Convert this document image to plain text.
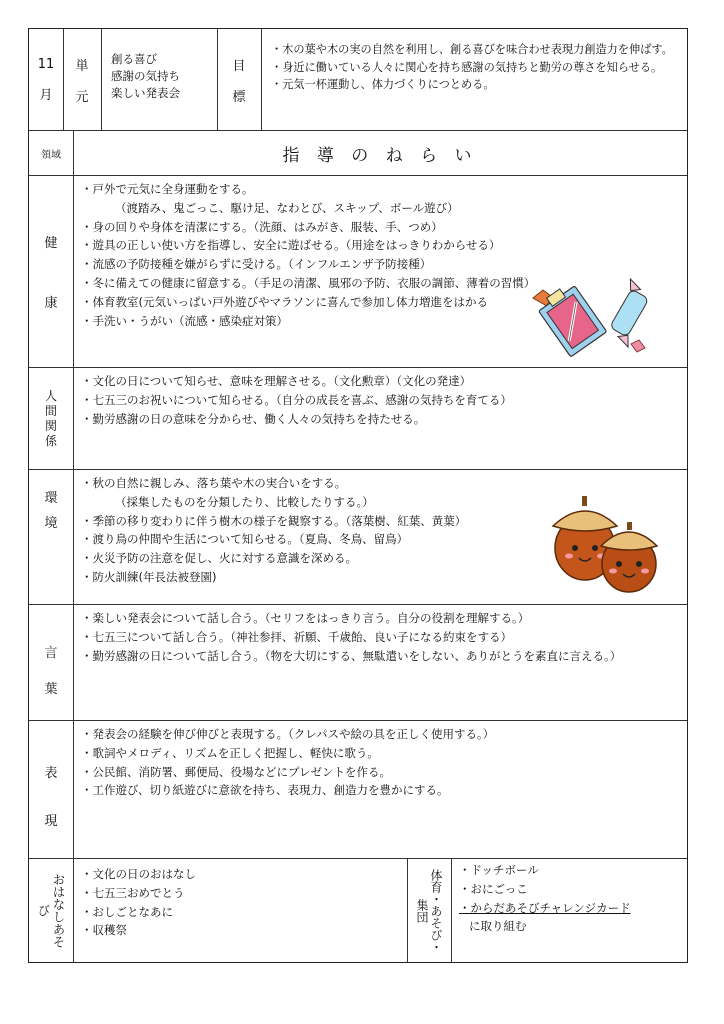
11
月
単
元
創る喜び
感謝の気持ち
楽しい発表会
目
標
・木の葉や木の実の自然を利用し、創る喜びを味合わせ表現力創造力を伸ばす。
・身近に働いている人々に関心を持ち感謝の気持ちと勤労の尊さを知らせる。
・元気一杯運動し、体力づくりにつとめる。
領域	指 導 の ね ら い
健
康
・戸外で元気に全身運動をする。
（渡踏み、鬼ごっこ、駆け足、なわとび、スキップ、ボール遊び）
・身の回りや身体を清潔にする。（洗顔、はみがき、服装、手、つめ）
・遊具の正しい使い方を指導し、安全に遊ばせる。（用途をはっきりわからせる）
・流感の予防接種を嫌がらずに受ける。（インフルエンザ予防接種）
・冬に備えての健康に留意する。（手足の清潔、風邪の予防、衣服の調節、薄着の習慣）
・体育教室(元気いっぱい戸外遊びやマラソンに喜んで参加し体力増進をはかる
・手洗い・うがい（流感・感染症対策）
人
間
関
係
・文化の日について知らせ、意味を理解させる。（文化勲章）（文化の発達）
・七五三のお祝いについて知らせる。（自分の成長を喜ぶ、感謝の気持ちを育てる）
・勤労感謝の日の意味を分からせ、働く人々の気持ちを持たせる。
環
境
・秋の自然に親しみ、落ち葉や木の実合いをする。
（採集したものを分類したり、比較したりする。）
・季節の移り変わりに伴う樹木の様子を観察する。（落葉樹、紅葉、黄葉）
・渡り鳥の仲間や生活について知らせる。（夏鳥、冬鳥、留鳥）
・火災予防の注意を促し、火に対する意識を深める。
・防火訓練(年長法被登園)
言
葉
・楽しい発表会について話し合う。（セリフをはっきり言う。自分の役割を理解する。）
・七五三について話し合う。（神社参拝、祈願、千歳飴、良い子になる約束をする）
・勤労感謝の日について話し合う。（物を大切にする、無駄遣いをしない、ありがとうを素直に言える。）
表
現
・発表会の経験を伸び伸びと表現する。（クレパスや絵の具を正しく使用する。）
・歌詞やメロディ、リズムを正しく把握し、軽快に歌う。
・公民館、消防署、郵便局、役場などにプレゼントを作る。
・工作遊び、切り紙遊びに意欲を持ち、表現力、創造力を豊かにする。
おはなしあそび
・文化の日のおはなし
・七五三おめでとう
・おしごとなあに
・収穫祭	体育・あそび・集団
・ドッチボール
・おにごっこ
・からだあそびチャレンジカード
に取り組む
